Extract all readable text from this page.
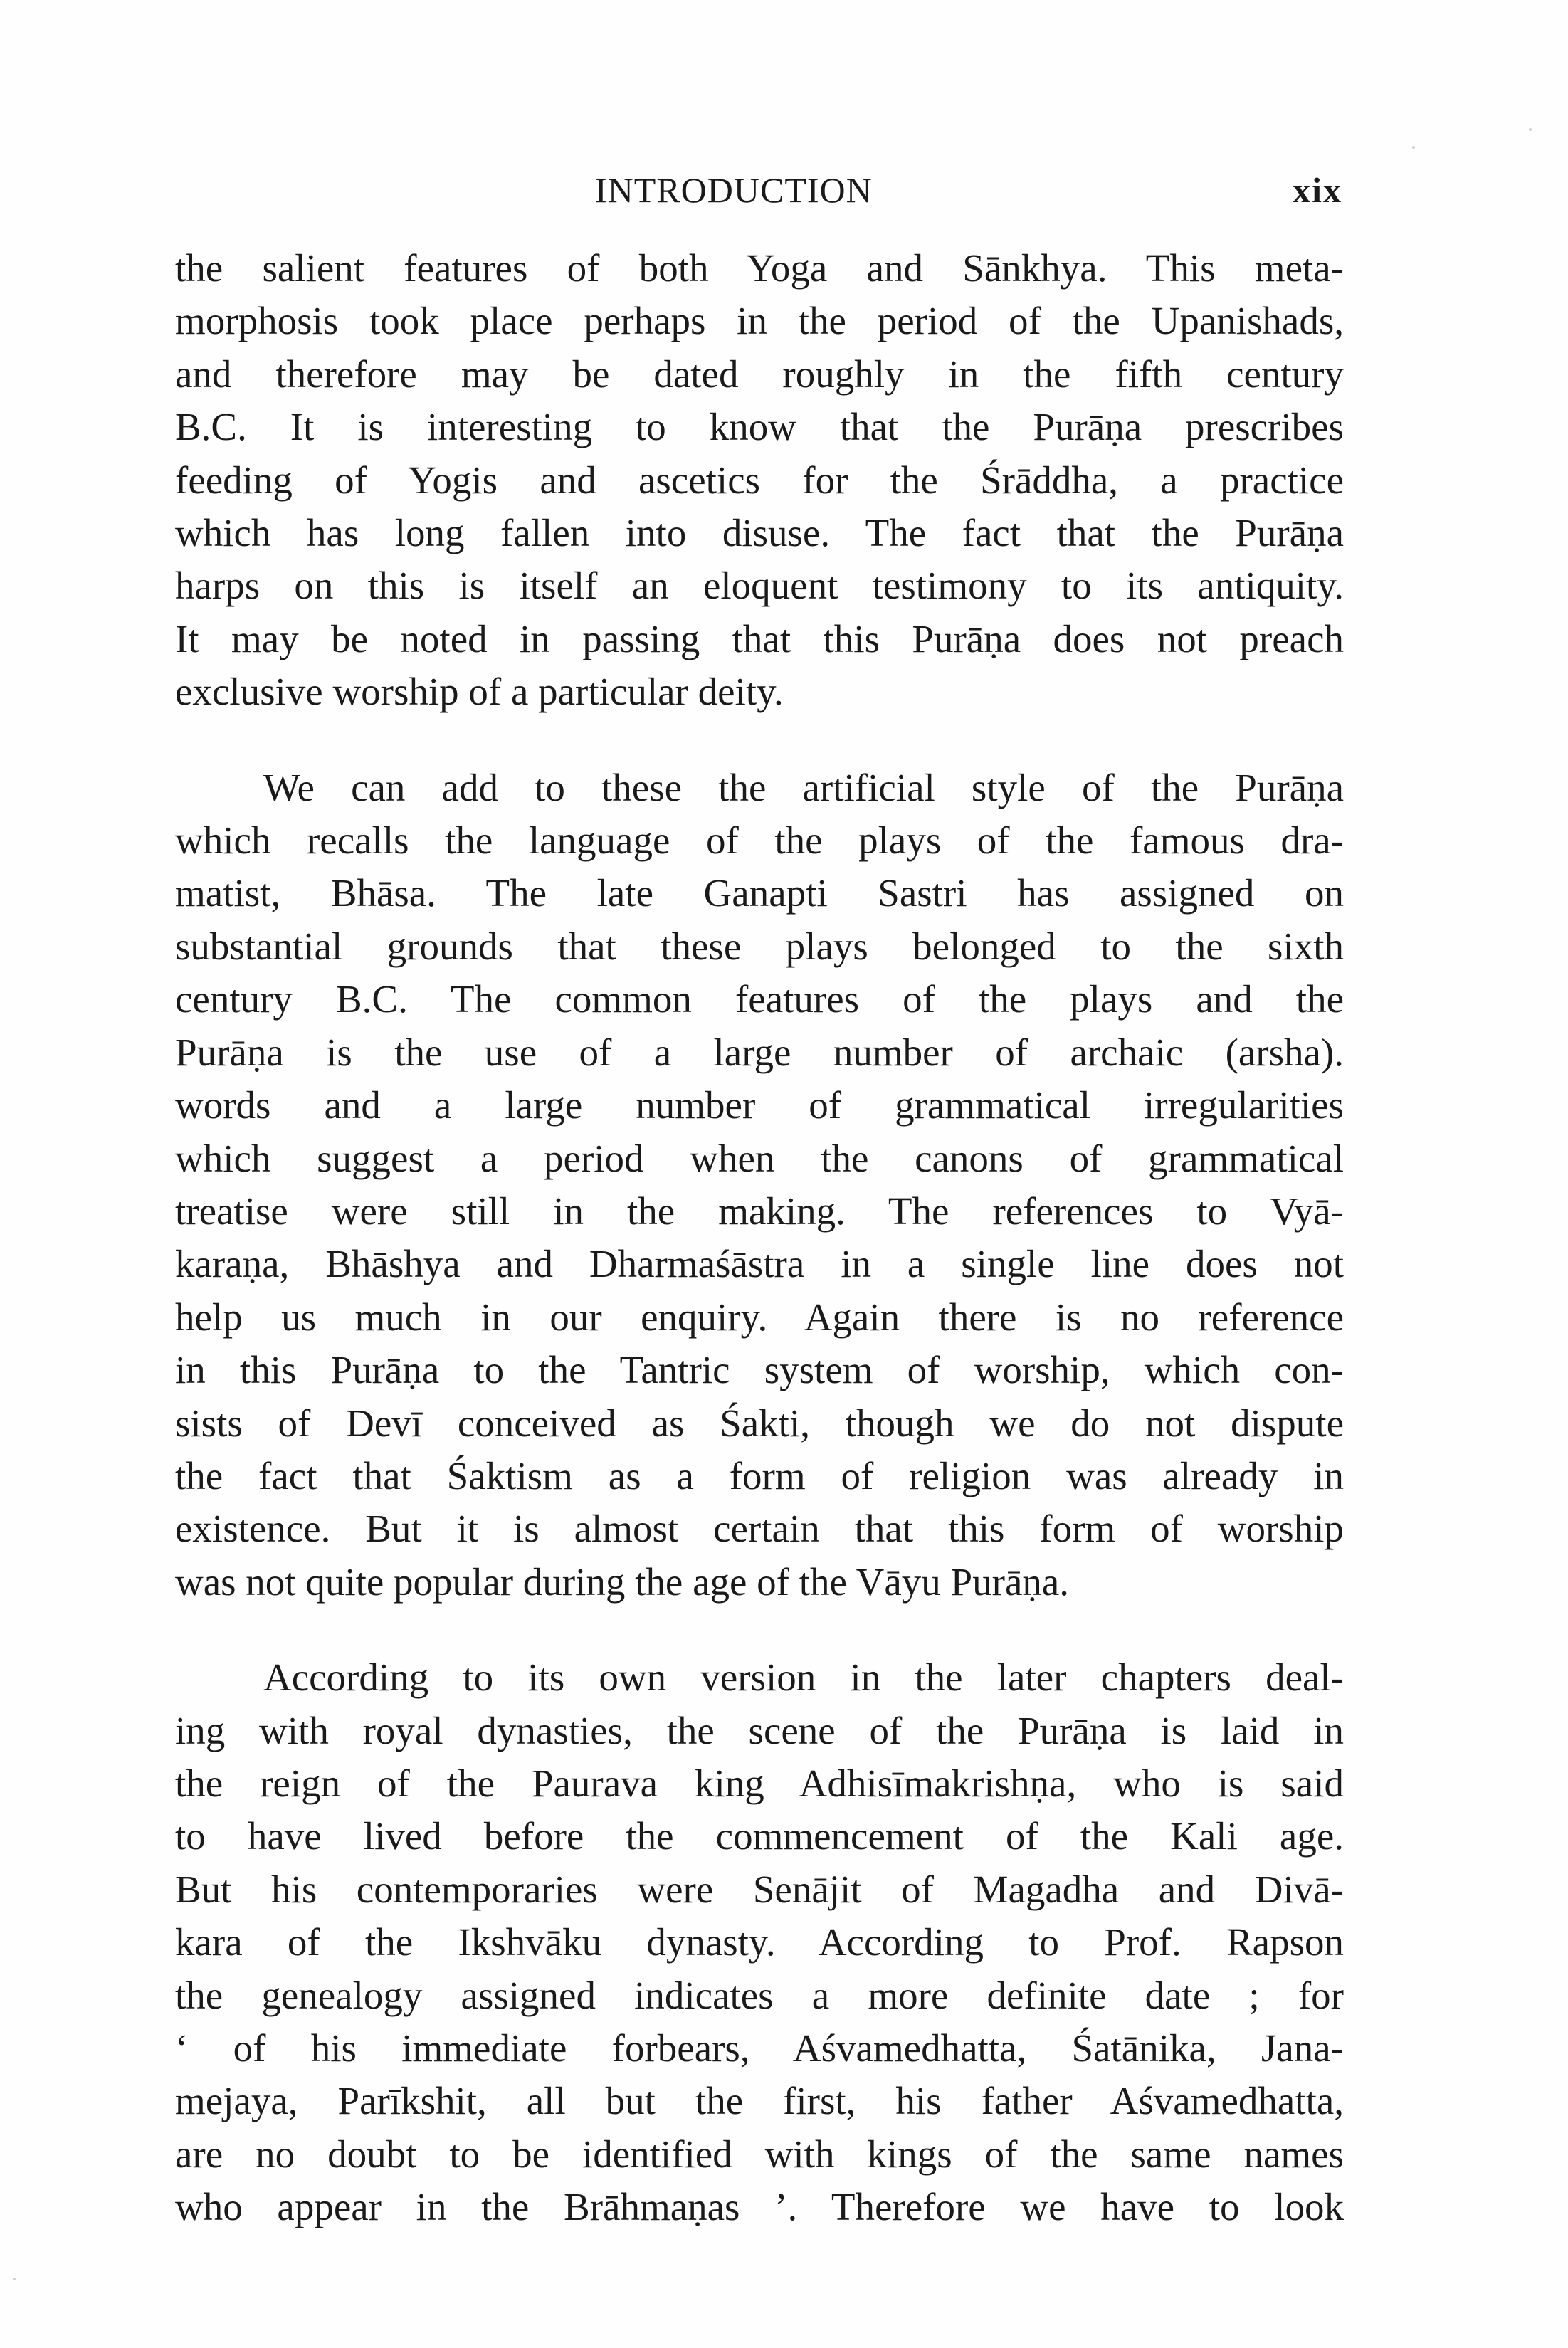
INTRODUCTION	xix
the salient features of both Yoga and Sānkhya. This meta-
morphosis took place perhaps in the period of the Upanishads,
and therefore may be dated roughly in the fifth century
B.C. It is interesting to know that the Purāṇa prescribes
feeding of Yogis and ascetics for the Śrāddha, a practice
which has long fallen into disuse. The fact that the Purāṇa
harps on this is itself an eloquent testimony to its antiquity.
It may be noted in passing that this Purāṇa does not preach
exclusive worship of a particular deity.
We can add to these the artificial style of the Purāṇa
which recalls the language of the plays of the famous dra-
matist, Bhāsa. The late Ganapti Sastri has assigned on
substantial grounds that these plays belonged to the sixth
century B.C. The common features of the plays and the
Purāṇa is the use of a large number of archaic (arsha).
words and a large number of grammatical irregularities
which suggest a period when the canons of grammatical
treatise were still in the making. The references to Vyā-
karaṇa, Bhāshya and Dharmaśāstra in a single line does not
help us much in our enquiry. Again there is no reference
in this Purāṇa to the Tantric system of worship, which con-
sists of Devī conceived as Śakti, though we do not dispute
the fact that Śaktism as a form of religion was already in
existence. But it is almost certain that this form of worship
was not quite popular during the age of the Vāyu Purāṇa.
According to its own version in the later chapters deal-
ing with royal dynasties, the scene of the Purāṇa is laid in
the reign of the Paurava king Adhisīmakrishṇa, who is said
to have lived before the commencement of the Kali age.
But his contemporaries were Senājit of Magadha and Divā-
kara of the Ikshvāku dynasty. According to Prof. Rapson
the genealogy assigned indicates a more definite date ; for
‘ of his immediate forbears, Aśvamedhatta, Śatānika, Jana-
mejaya, Parīkshit, all but the first, his father Aśvamedhatta,
are no doubt to be identified with kings of the same names
who appear in the Brāhmaṇas ’. Therefore we have to look
